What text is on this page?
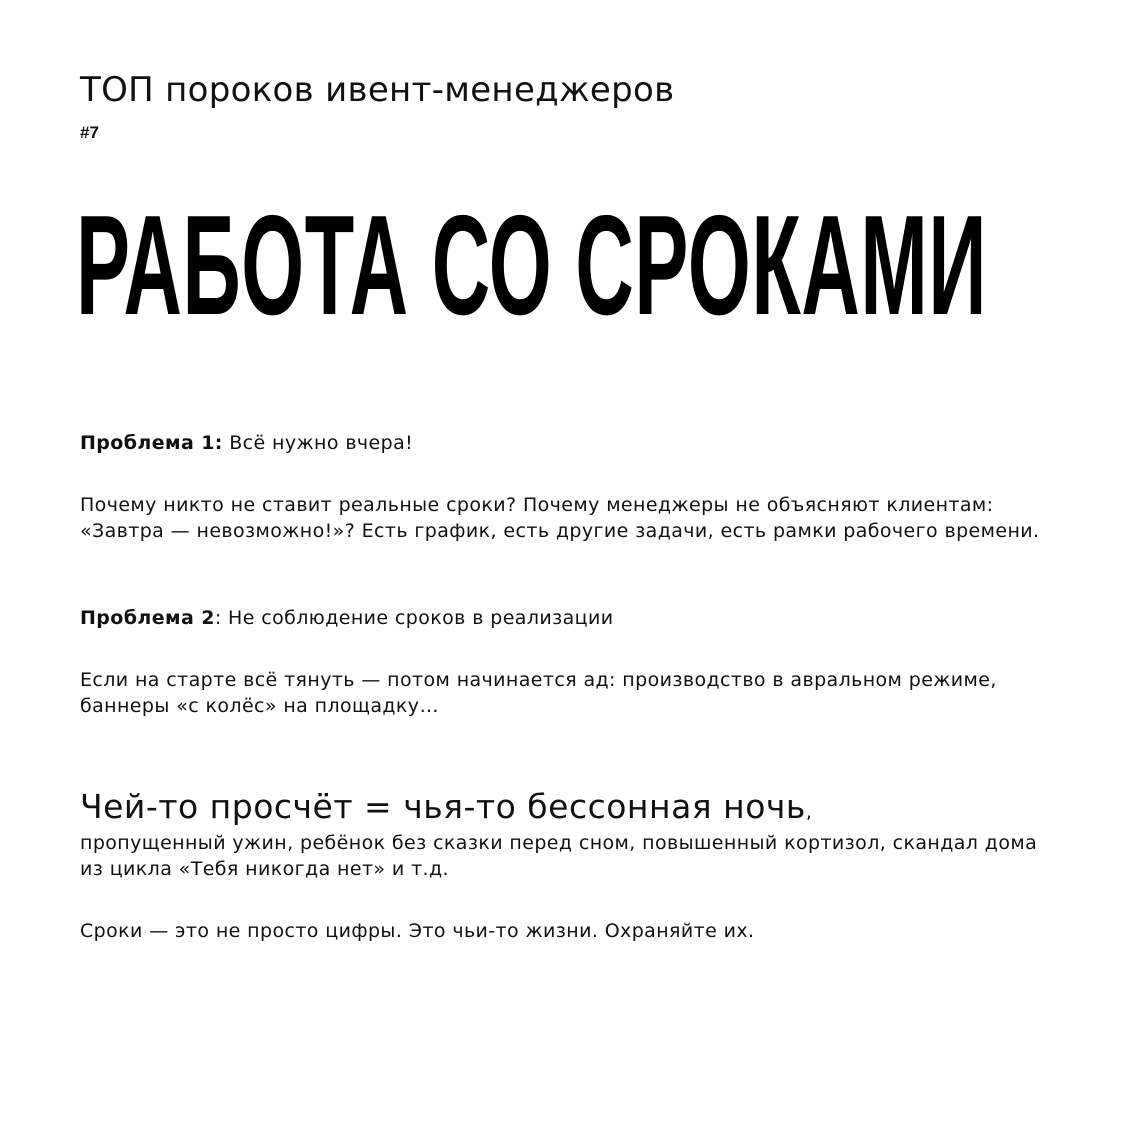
ТОП пороков ивент-менеджеров
#7
РАБОТА СО СРОКАМИ
Проблема 1: Всё нужно вчера!
Почему никто не ставит реальные сроки? Почему менеджеры не объясняют клиентам: «Завтра — невозможно!»? Есть график, есть другие задачи, есть рамки рабочего времени.
Проблема 2: Не соблюдение сроков в реализации
Если на старте всё тянуть — потом начинается ад: производство в авральном режиме, баннеры «с колёс» на площадку…
Чей-то просчёт = чья-то бессонная ночь,
пропущенный ужин, ребёнок без сказки перед сном, повышенный кортизол, скандал дома из цикла «Тебя никогда нет» и т.д.
Сроки — это не просто цифры. Это чьи-то жизни. Охраняйте их.
